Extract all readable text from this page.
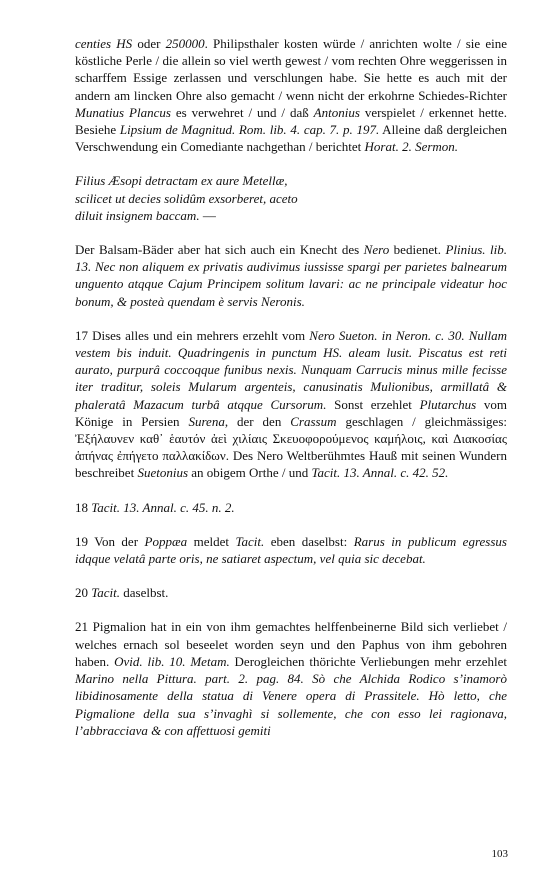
centies HS oder 250000. Philipsthaler kosten würde / anrichten wolte / sie eine köstliche Perle / die allein so viel werth gewest / vom rechten Ohre weggerissen in scharffem Essige zerlassen und verschlungen habe. Sie hette es auch mit der andern am lincken Ohre also gemacht / wenn nicht der erkohrne Schiedes-Richter Munatius Plancus es verwehret / und / daß Antonius verspielet / erkennet hette. Besiehe Lipsium de Magnitud. Rom. lib. 4. cap. 7. p. 197. Alleine daß dergleichen Verschwendung ein Comediante nachgethan / berichtet Horat. 2. Sermon.

Filius Æsopi detractam ex aure Metellæ,
scilicet ut decies solidûm exsorberet, aceto
diluit insignem baccam. ––

Der Balsam-Bäder aber hat sich auch ein Knecht des Nero bedienet. Plinius. lib. 13. Nec non aliquem ex privatis audivimus iussisse spargi per parietes balnearum unguento atqque Cajum Principem solitum lavari: ac ne principale videatur hoc bonum, & posteà quendam è servis Neronis.

17 Dises alles und ein mehrers erzehlt vom Nero Sueton. in Neron. c. 30. Nullam vestem bis induit. Quadringenis in punctum HS. aleam lusit. Piscatus est reti aurato, purpurâ coccoqque funibus nexis. Nunquam Carrucis minus mille fecisse iter traditur, soleis Mularum argenteis, canusinatis Mulionibus, armillatâ & phaleratâ Mazacum turbâ atqque Cursorum. Sonst erzehlet Plutarchus vom Könige in Persien Surena, der den Crassum geschlagen / gleichmässiges: Ἐξήλαυνεν καθ᾽ ἑαυτόν ἀεὶ χιλίαις Σκευοφορούμενος καμήλοις, καὶ Διακοσίας ἁπήνας ἐπήγετο παλλακίδων. Des Nero Weltberühmtes Hauß mit seinen Wundern beschreibet Suetonius an obigem Orthe / und Tacit. 13. Annal. c. 42. 52.

18 Tacit. 13. Annal. c. 45. n. 2.

19 Von der Poppæa meldet Tacit. eben daselbst: Rarus in publicum egressus idqque velatâ parte oris, ne satiaret aspectum, vel quia sic decebat.

20 Tacit. daselbst.

21 Pigmalion hat in ein von ihm gemachtes helffenbeinerne Bild sich verliebet / welches ernach sol beseelet worden seyn und den Paphus von ihm gebohren haben. Ovid. lib. 10. Metam. Derogleichen thörichte Verliebungen mehr erzehlet Marino nella Pittura. part. 2. pag. 84. Sò che Alchida Rodico s’inamorò libidinosamente della statua di Venere opera di Prassitele. Hò letto, che Pigmalione della sua s’invaghì si sollemente, che con esso lei ragionava, l’abbracciava & con affettuosi gemiti

103
